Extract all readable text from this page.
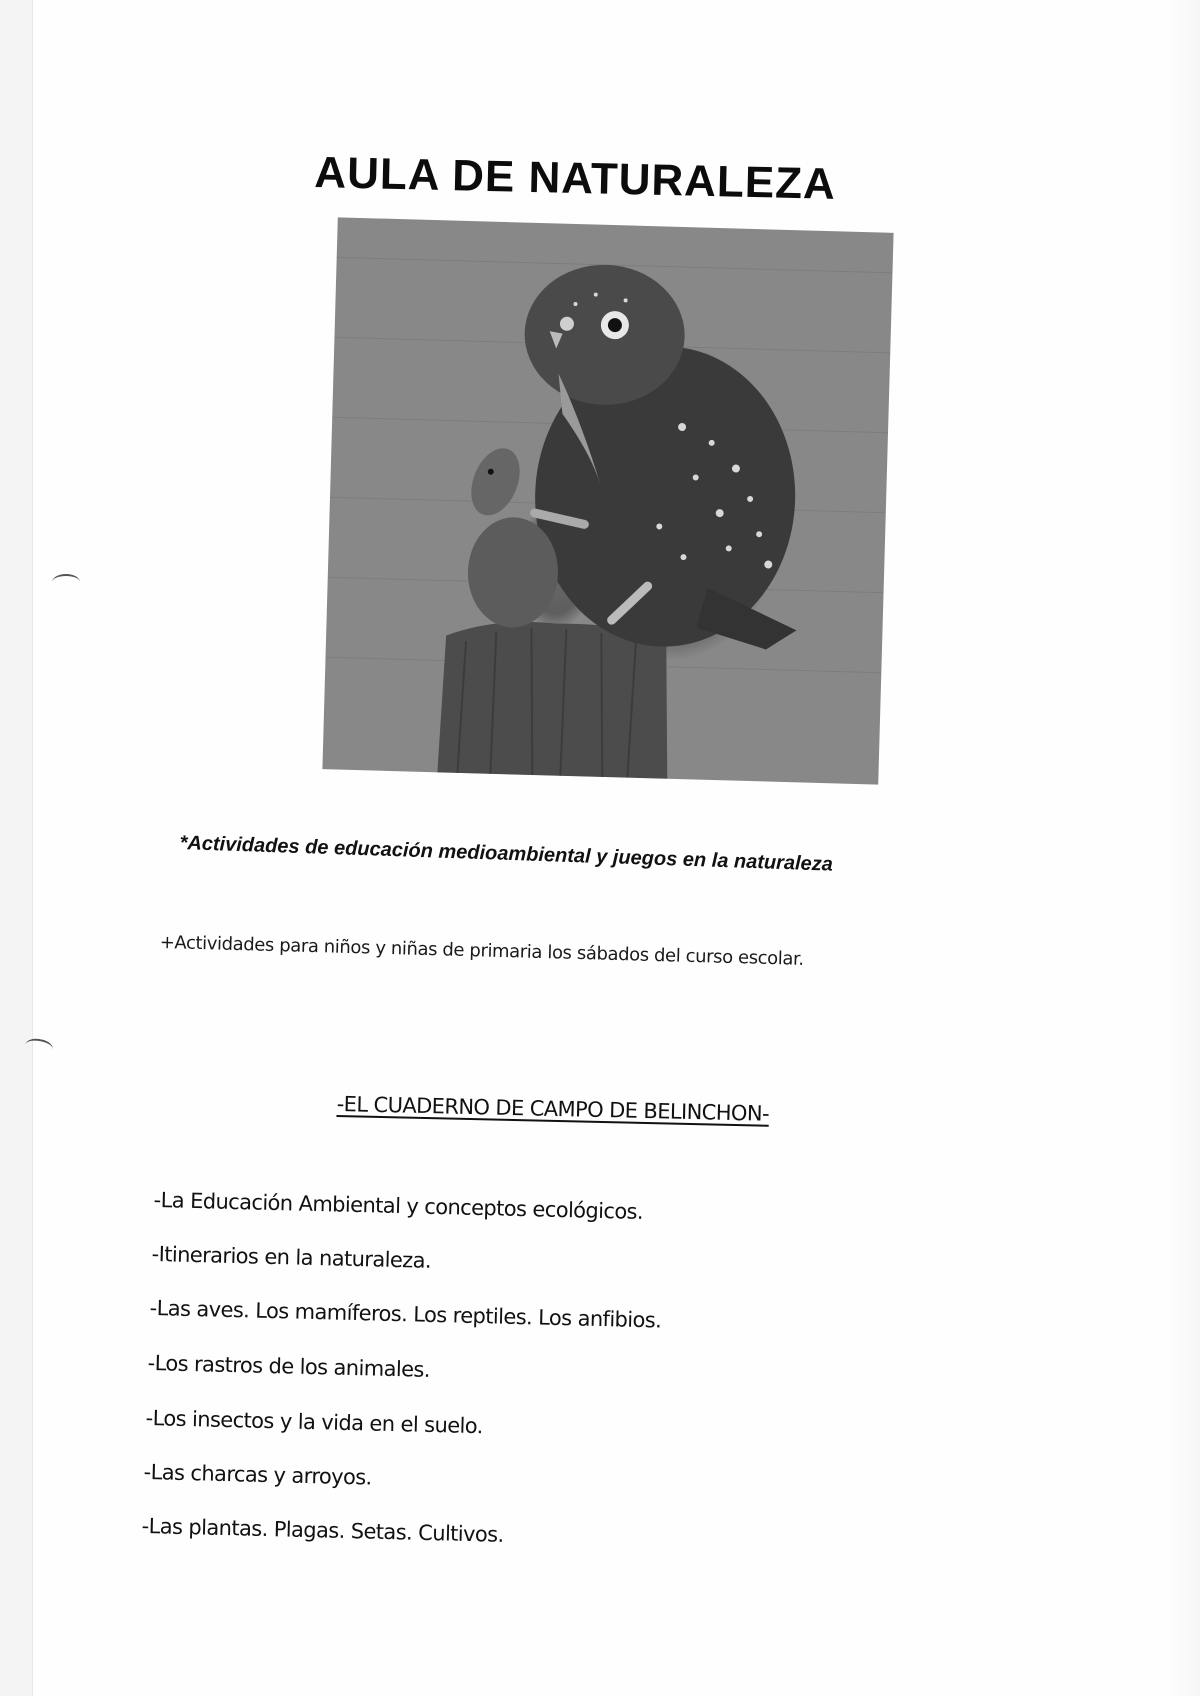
AULA DE NATURALEZA

*Actividades de educación medioambiental y juegos en la naturaleza

+Actividades para niños y niñas de primaria los sábados del curso escolar.

-EL CUADERNO DE CAMPO DE BELINCHON-
-La Educación Ambiental y conceptos ecológicos.
-Itinerarios en la naturaleza.
-Las aves. Los mamíferos. Los reptiles. Los anfibios.
-Los rastros de los animales.
-Los insectos y la vida en el suelo.
-Las charcas y arroyos.
-Las plantas. Plagas. Setas. Cultivos.
